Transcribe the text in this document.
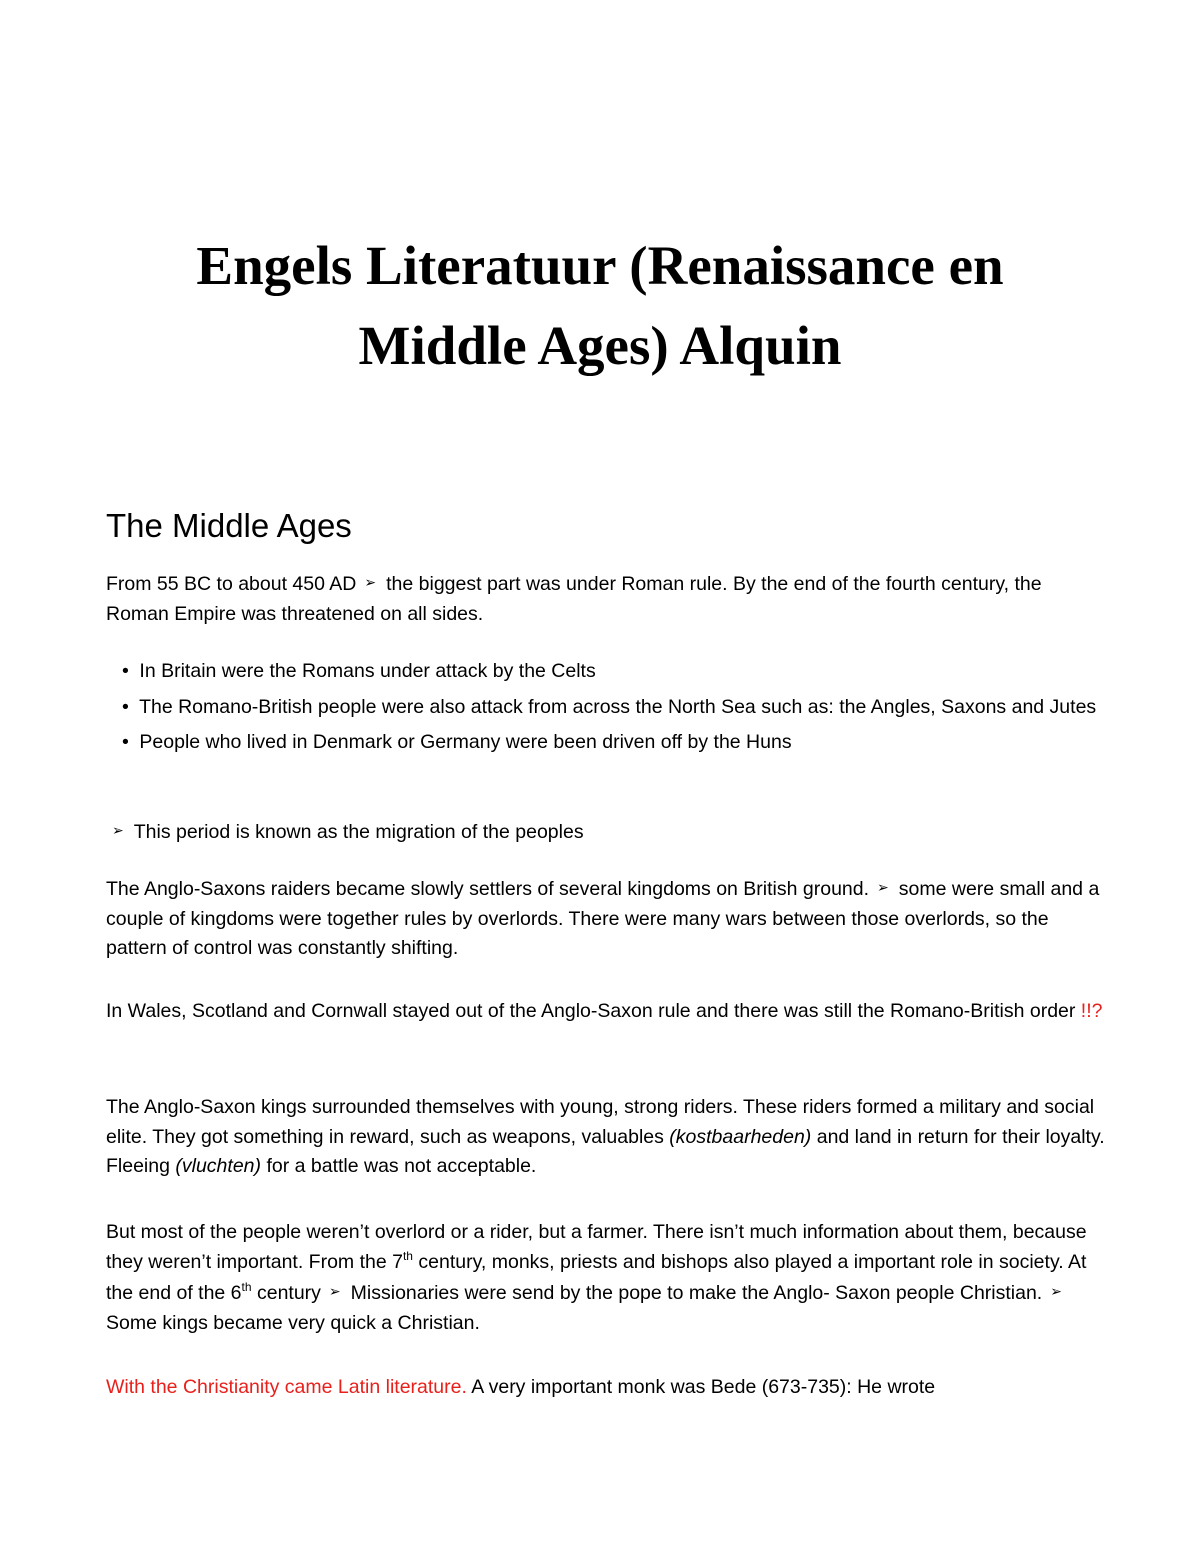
Engels Literatuur (Renaissance en
Middle Ages) Alquin
The Middle Ages

From 55 BC to about 450 AD ➢ the biggest part was under Roman rule. By the end of the fourth century, the Roman Empire was threatened on all sides.

• In Britain were the Romans under attack by the Celts
• The Romano-British people were also attack from across the North Sea such as: the Angles, Saxons and Jutes
• People who lived in Denmark or Germany were been driven off by the Huns

➢ This period is known as the migration of the peoples

The Anglo-Saxons raiders became slowly settlers of several kingdoms on British ground. ➢ some were small and a couple of kingdoms were together rules by overlords. There were many wars between those overlords, so the pattern of control was constantly shifting.

In Wales, Scotland and Cornwall stayed out of the Anglo-Saxon rule and there was still the Romano-British order !!?

The Anglo-Saxon kings surrounded themselves with young, strong riders. These riders formed a military and social elite. They got something in reward, such as weapons, valuables (kostbaarheden) and land in return for their loyalty. Fleeing (vluchten) for a battle was not acceptable.

But most of the people weren’t overlord or a rider, but a farmer. There isn’t much information about them, because they weren’t important. From the 7th century, monks, priests and bishops also played a important role in society. At the end of the 6th century ➢ Missionaries were send by the pope to make the Anglo- Saxon people Christian. ➢Some kings became very quick a Christian.

With the Christianity came Latin literature. A very important monk was Bede (673-735): He wrote
